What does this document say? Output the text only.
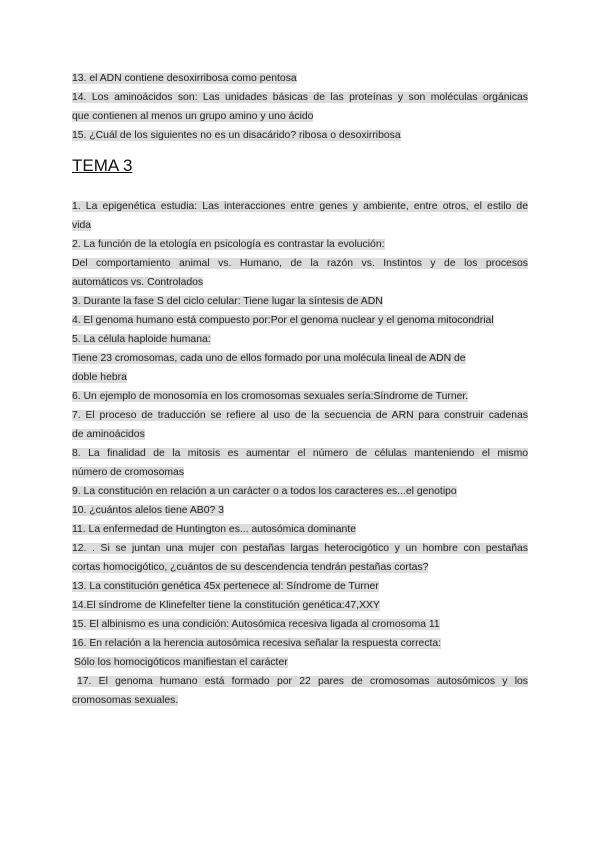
13. el ADN contiene desoxirribosa como pentosa
14. Los aminoácidos son: Las unidades básicas de las proteínas y son moléculas orgánicas
que contienen al menos un grupo amino y uno ácido
15. ¿Cuál de los siguientes no es un disacárido? ribosa o desoxirribosa
TEMA 3
1. La epigenética estudia: Las interacciones entre genes y ambiente, entre otros, el estilo de
vida
2. La función de la etología en psicología es contrastar la evolución:
Del comportamiento animal vs. Humano, de la razón vs. Instintos y de los procesos
automáticos vs. Controlados
3. Durante la fase S del ciclo celular: Tiene lugar la síntesis de ADN
4. El genoma humano está compuesto por:Por el genoma nuclear y el genoma mitocondrial
5. La célula haploide humana:
Tiene 23 cromosomas, cada uno de ellos formado por una molécula lineal de ADN de
doble hebra
6. Un ejemplo de monosomía en los cromosomas sexuales sería:Síndrome de Turner.
7. El proceso de traducción se refiere al uso de la secuencia de ARN para construir cadenas
de aminoácidos
8. La finalidad de la mitosis es aumentar el número de células manteniendo el mismo
número de cromosomas
9. La constitución en relación a un carácter o a todos los caracteres es...el genotipo
10. ¿cuántos alelos tiene AB0? 3
11. La enfermedad de Huntington es... autosómica dominante
12. . Si se juntan una mujer con pestañas largas heterocigótico y un hombre con pestañas
cortas homocigótico, ¿cuántos de su descendencia tendrán pestañas cortas?
13. La constitución genética 45x pertenece al: Síndrome de Turner
14.El síndrome de Klinefelter tiene la constitución genética:47,XXY
15. El albinismo es una condición: Autosómica recesiva ligada al cromosoma 11
16. En relación a la herencia autosómica recesiva señalar la respuesta correcta:
Sólo los homocigóticos manifiestan el carácter
17. El genoma humano está formado por 22 pares de cromosomas autosómicos y los
cromosomas sexuales.
